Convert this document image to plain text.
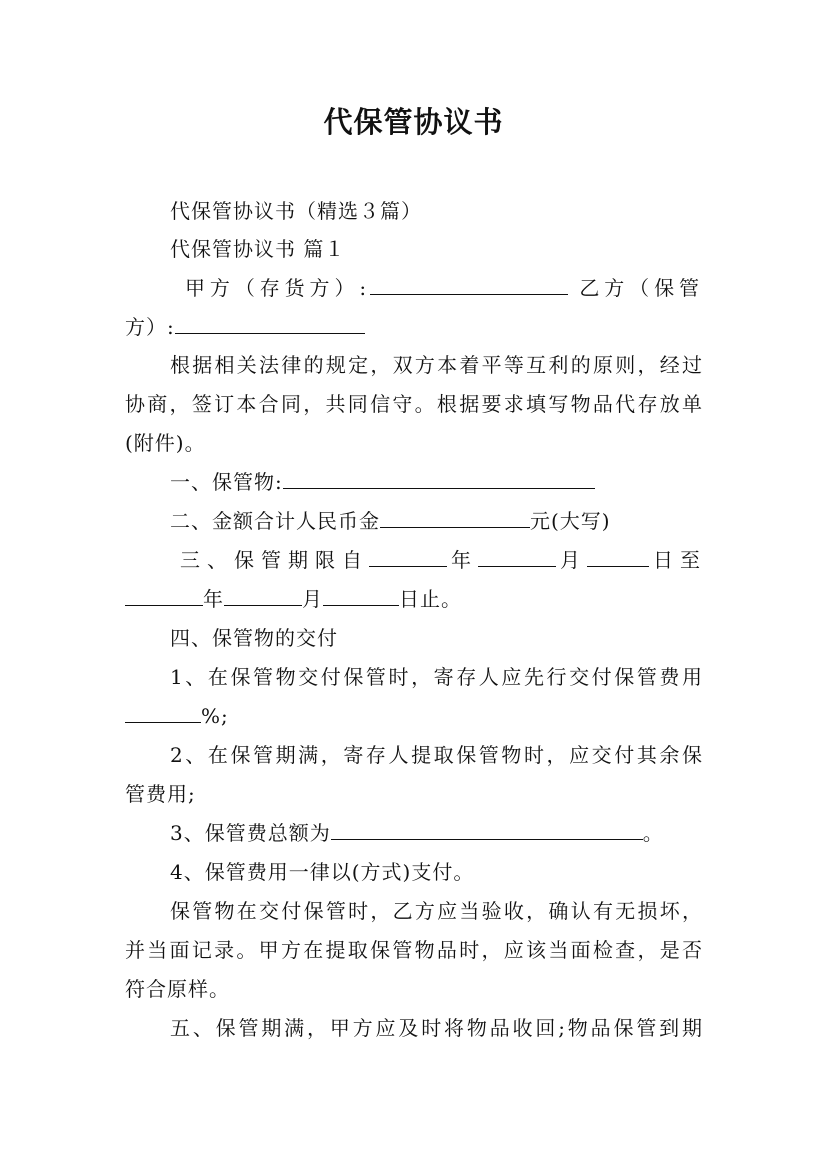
代保管协议书
代保管协议书（精选３篇）
代保管协议书 篇１
甲方（存货方）:	乙方（保管
方）:
根据相关法律的规定，双方本着平等互利的原则，经过
协商，签订本合同，共同信守。根据要求填写物品代存放单
(附件)。
一、保管物:
二、金额合计人民币金	元(大写)
三、保管期限自	年	月	日至
年	月	日止。
四、保管物的交付
1、在保管物交付保管时，寄存人应先行交付保管费用
%;
2、在保管期满，寄存人提取保管物时，应交付其余保
管费用;
3、保管费总额为	。
4、保管费用一律以(方式)支付。
保管物在交付保管时，乙方应当验收，确认有无损坏，
并当面记录。甲方在提取保管物品时，应该当面检查，是否
符合原样。
五、保管期满，甲方应及时将物品收回;物品保管到期
